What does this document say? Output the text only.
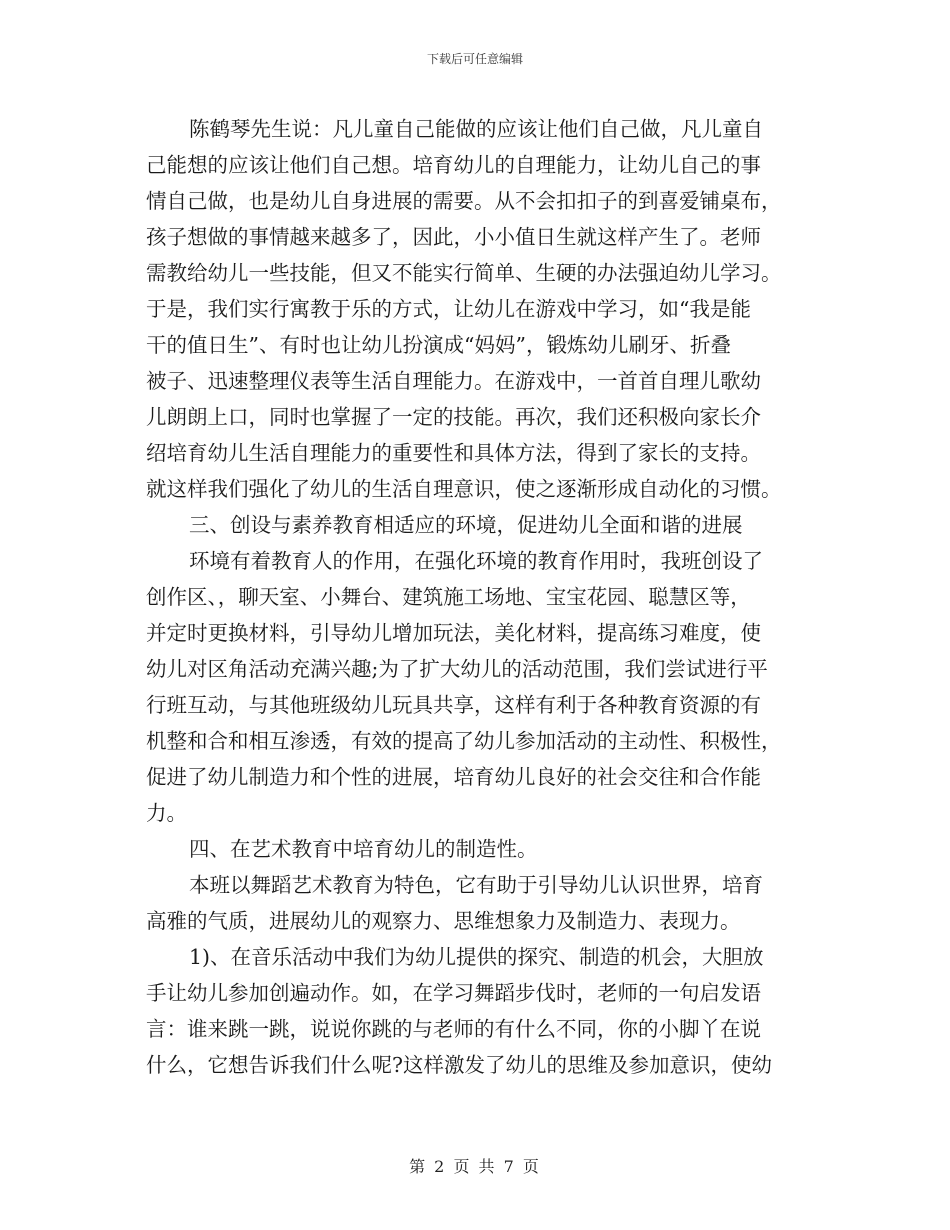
下载后可任意编辑
陈鹤琴先生说：凡儿童自己能做的应该让他们自己做，凡儿童自
己能想的应该让他们自己想。培育幼儿的自理能力，让幼儿自己的事
情自己做，也是幼儿自身进展的需要。从不会扣扣子的到喜爱铺桌布，
孩子想做的事情越来越多了，因此，小小值日生就这样产生了。老师
需教给幼儿一些技能，但又不能实行简单、生硬的办法强迫幼儿学习。
于是，我们实行寓教于乐的方式，让幼儿在游戏中学习，如“我是能
干的值日生”、有时也让幼儿扮演成“妈妈”，锻炼幼儿刷牙、折叠
被子、迅速整理仪表等生活自理能力。在游戏中，一首首自理儿歌幼
儿朗朗上口，同时也掌握了一定的技能。再次，我们还积极向家长介
绍培育幼儿生活自理能力的重要性和具体方法，得到了家长的支持。
就这样我们强化了幼儿的生活自理意识，使之逐渐形成自动化的习惯。
三、创设与素养教育相适应的环境，促进幼儿全面和谐的进展
环境有着教育人的作用，在强化环境的教育作用时，我班创设了
创作区、，聊天室、小舞台、建筑施工场地、宝宝花园、聪慧区等，
并定时更换材料，引导幼儿增加玩法，美化材料，提高练习难度，使
幼儿对区角活动充满兴趣;为了扩大幼儿的活动范围，我们尝试进行平
行班互动，与其他班级幼儿玩具共享，这样有利于各种教育资源的有
机整和合和相互渗透，有效的提高了幼儿参加活动的主动性、积极性，
促进了幼儿制造力和个性的进展，培育幼儿良好的社会交往和合作能
力。
四、在艺术教育中培育幼儿的制造性。
本班以舞蹈艺术教育为特色，它有助于引导幼儿认识世界，培育
高雅的气质，进展幼儿的观察力、思维想象力及制造力、表现力。
1)、在音乐活动中我们为幼儿提供的探究、制造的机会，大胆放
手让幼儿参加创遍动作。如，在学习舞蹈步伐时，老师的一句启发语
言：谁来跳一跳，说说你跳的与老师的有什么不同，你的小脚丫在说
什么，它想告诉我们什么呢?这样激发了幼儿的思维及参加意识，使幼
第 2 页 共 7 页
